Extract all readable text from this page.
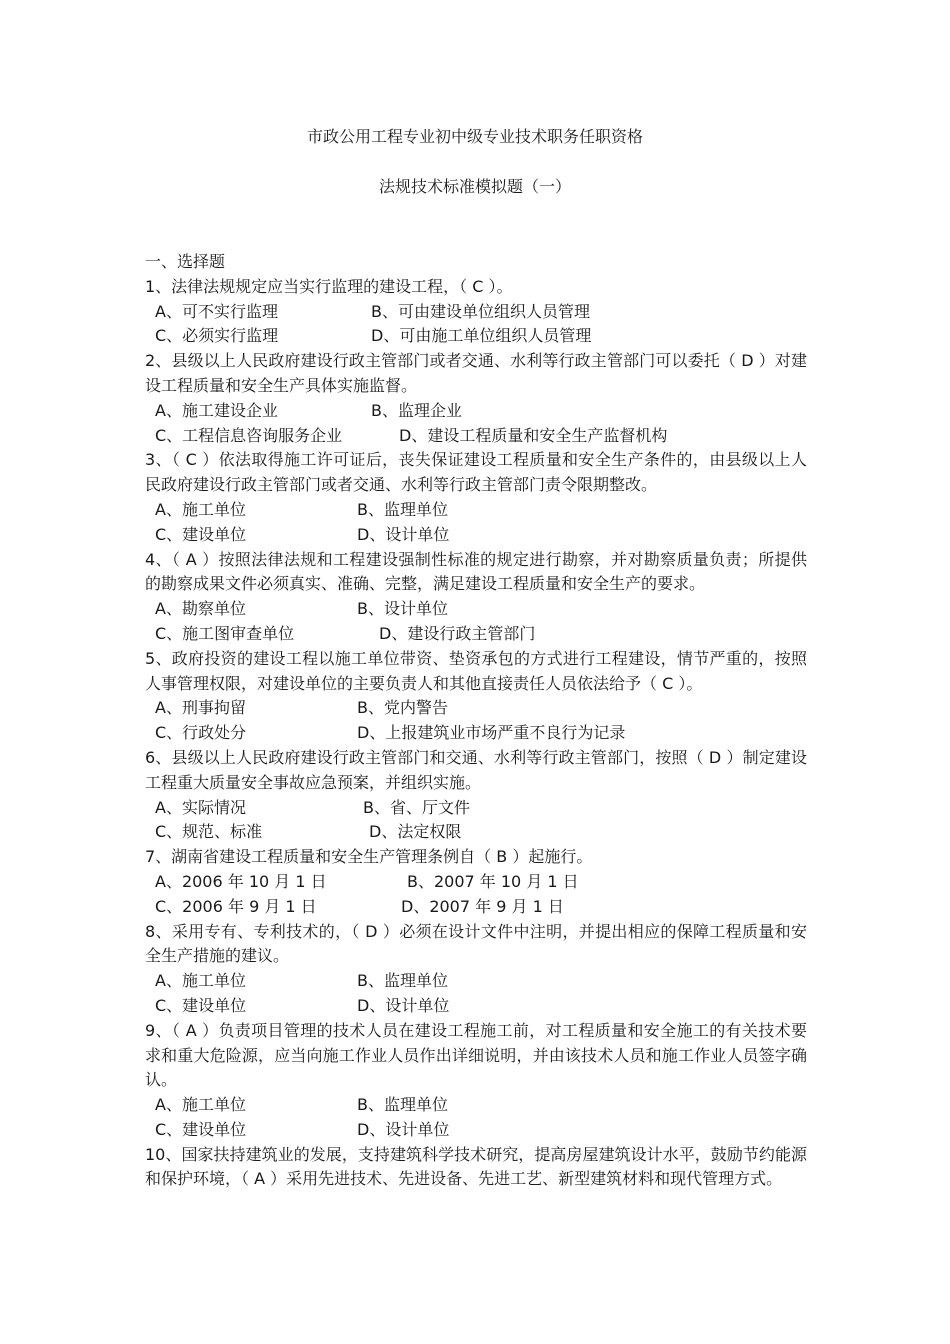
市政公用工程专业初中级专业技术职务任职资格
法规技术标准模拟题（一）
一、选择题
1、法律法规规定应当实行监理的建设工程，（ C ）。
A、可不实行监理	B、可由建设单位组织人员管理
C、必须实行监理	D、可由施工单位组织人员管理
2、县级以上人民政府建设行政主管部门或者交通、水利等行政主管部门可以委托（ D ）对建设工程质量和安全生产具体实施监督。
A、施工建设企业	B、监理企业
C、工程信息咨询服务企业	D、建设工程质量和安全生产监督机构
3、（ C ）依法取得施工许可证后，丧失保证建设工程质量和安全生产条件的，由县级以上人民政府建设行政主管部门或者交通、水利等行政主管部门责令限期整改。
A、施工单位	B、监理单位
C、建设单位	D、设计单位
4、（ A ）按照法律法规和工程建设强制性标准的规定进行勘察，并对勘察质量负责；所提供的勘察成果文件必须真实、准确、完整，满足建设工程质量和安全生产的要求。
A、勘察单位	B、设计单位
C、施工图审查单位	D、建设行政主管部门
5、政府投资的建设工程以施工单位带资、垫资承包的方式进行工程建设，情节严重的，按照人事管理权限，对建设单位的主要负责人和其他直接责任人员依法给予（ C ）。
A、刑事拘留	B、党内警告
C、行政处分	D、上报建筑业市场严重不良行为记录
6、县级以上人民政府建设行政主管部门和交通、水利等行政主管部门，按照（ D ）制定建设工程重大质量安全事故应急预案，并组织实施。
A、实际情况	B、省、厅文件
C、规范、标准	D、法定权限
7、湖南省建设工程质量和安全生产管理条例自（ B ）起施行。
A、2006 年 10 月 1 日	B、2007 年 10 月 1 日
C、2006 年 9 月 1 日	D、2007 年 9 月 1 日
8、采用专有、专利技术的，（ D ）必须在设计文件中注明，并提出相应的保障工程质量和安全生产措施的建议。
A、施工单位	B、监理单位
C、建设单位	D、设计单位
9、（ A ）负责项目管理的技术人员在建设工程施工前，对工程质量和安全施工的有关技术要求和重大危险源，应当向施工作业人员作出详细说明，并由该技术人员和施工作业人员签字确认。
A、施工单位	B、监理单位
C、建设单位	D、设计单位
10、国家扶持建筑业的发展，支持建筑科学技术研究，提高房屋建筑设计水平，鼓励节约能源和保护环境，（ A ）采用先进技术、先进设备、先进工艺、新型建筑材料和现代管理方式。
